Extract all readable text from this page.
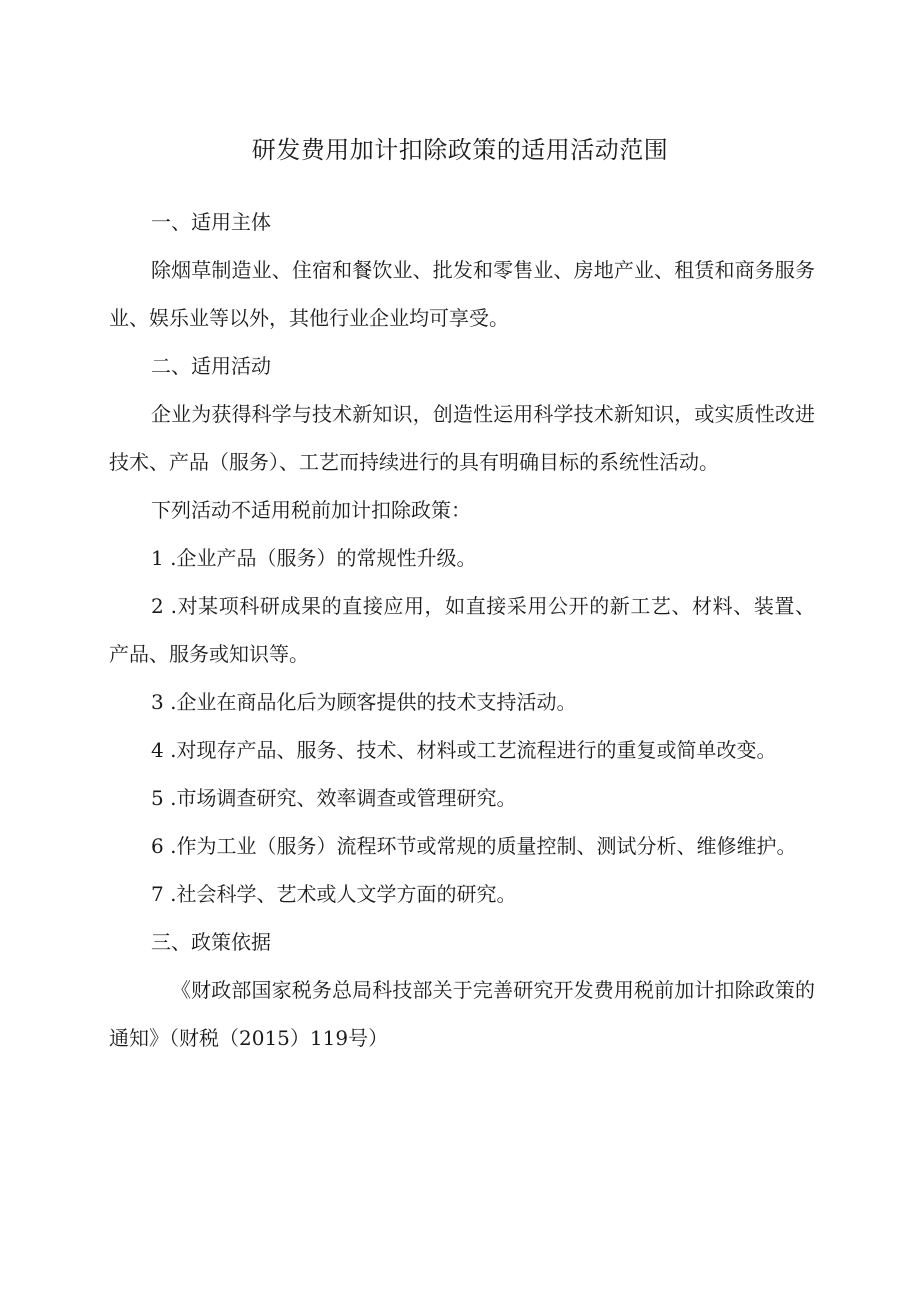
研发费用加计扣除政策的适用活动范围

一、适用主体

除烟草制造业、住宿和餐饮业、批发和零售业、房地产业、租赁和商务服务业、娱乐业等以外，其他行业企业均可享受。

二、适用活动

企业为获得科学与技术新知识，创造性运用科学技术新知识，或实质性改进技术、产品（服务）、工艺而持续进行的具有明确目标的系统性活动。

下列活动不适用税前加计扣除政策：

1 .企业产品（服务）的常规性升级。

2 .对某项科研成果的直接应用，如直接采用公开的新工艺、材料、装置、产品、服务或知识等。

3 .企业在商品化后为顾客提供的技术支持活动。

4 .对现存产品、服务、技术、材料或工艺流程进行的重复或简单改变。

5 .市场调查研究、效率调查或管理研究。

6 .作为工业（服务）流程环节或常规的质量控制、测试分析、维修维护。

7 .社会科学、艺术或人文学方面的研究。

三、政策依据

《财政部国家税务总局科技部关于完善研究开发费用税前加计扣除政策的通知》（财税（2015）119号）
